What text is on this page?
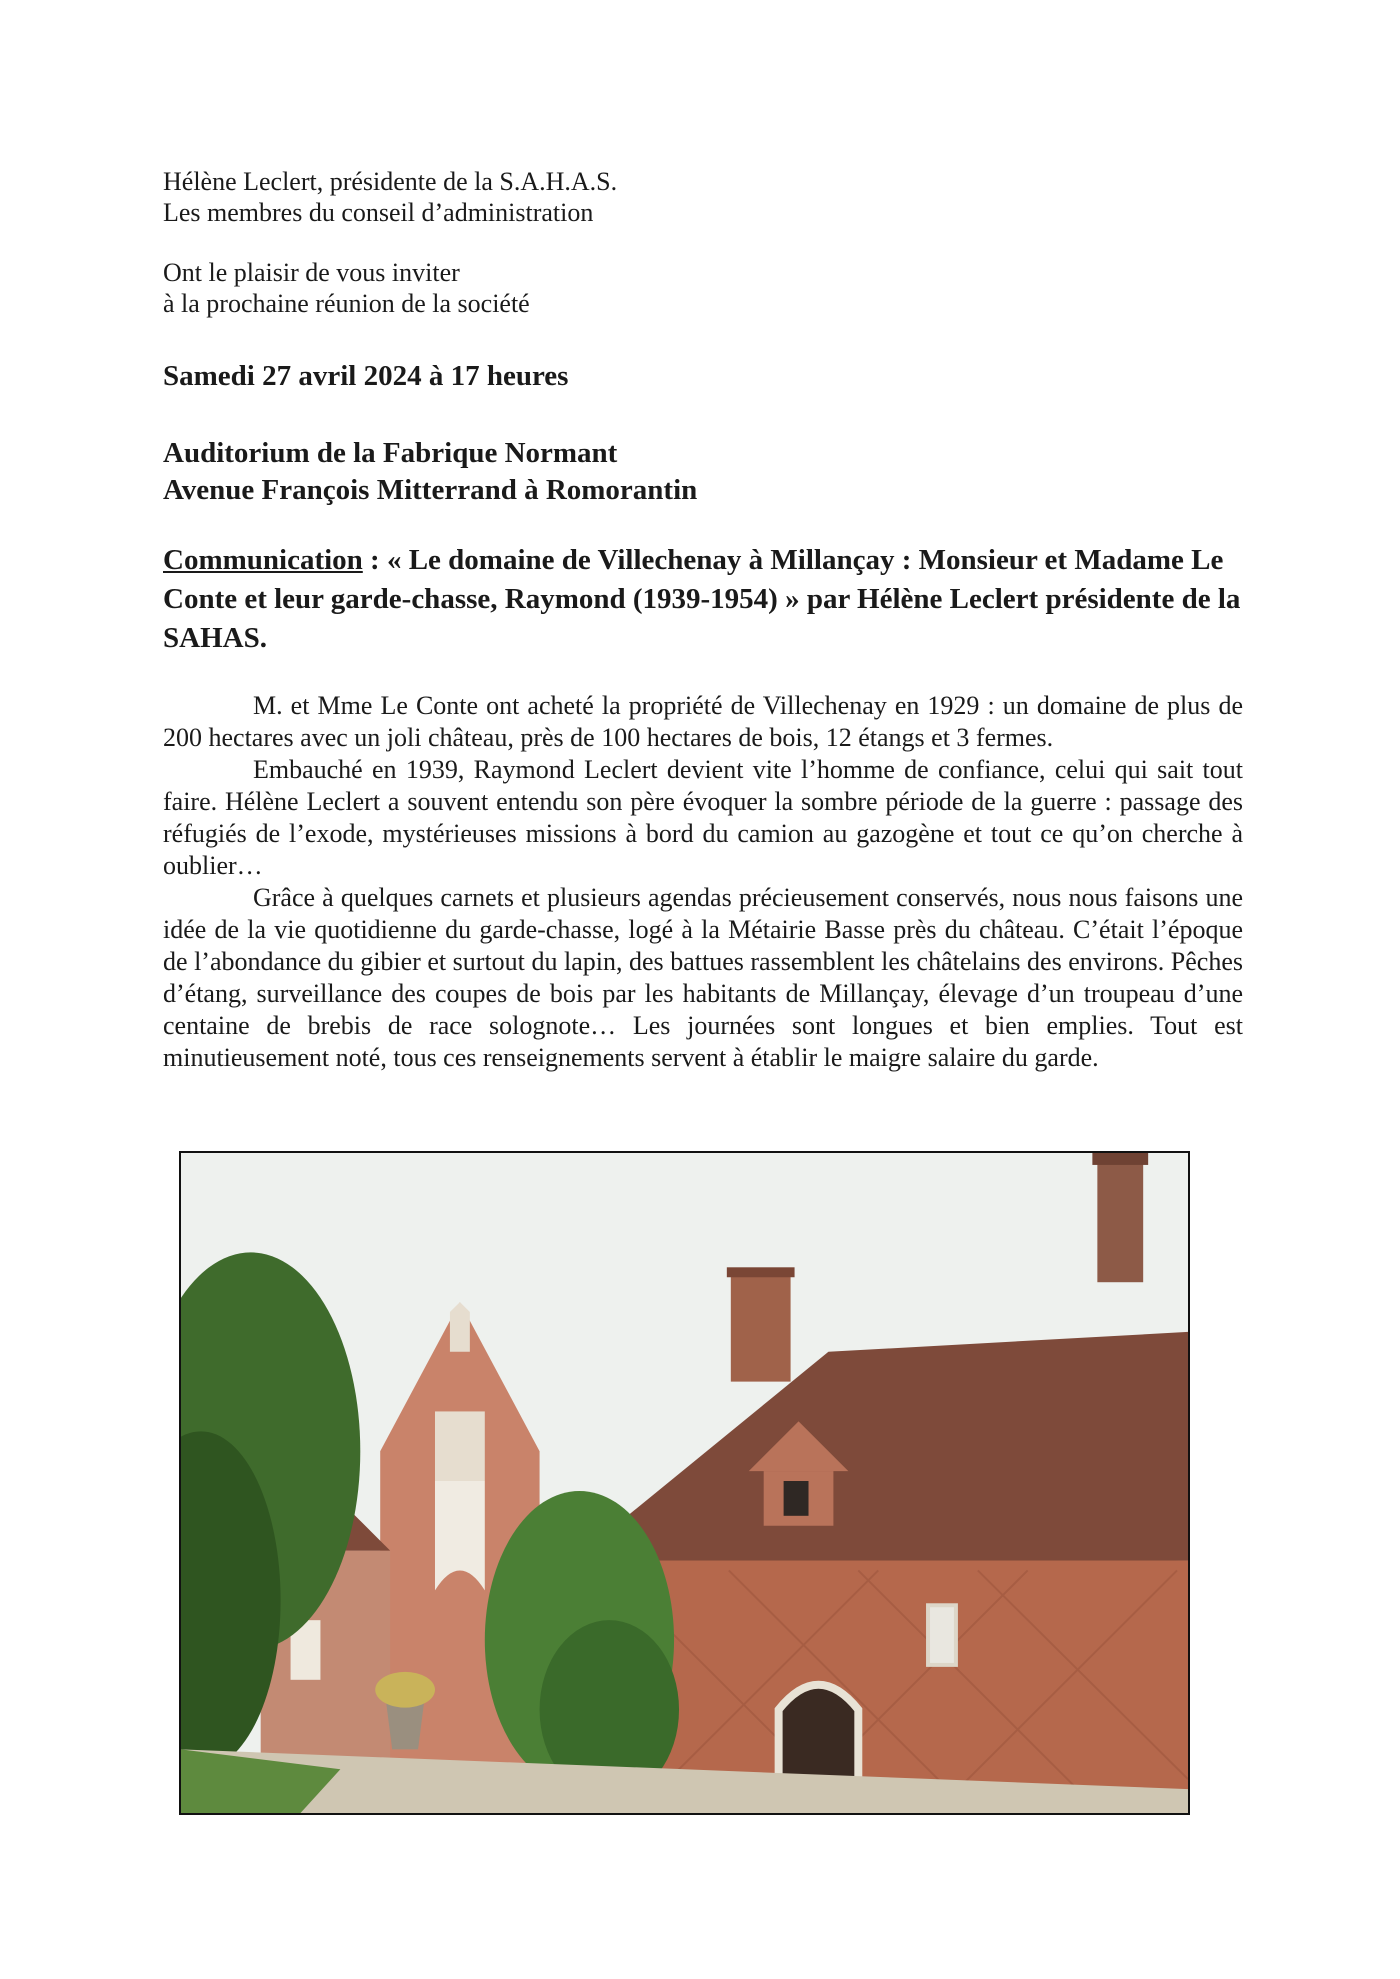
Hélène Leclert, présidente de la S.A.H.A.S.
Les membres du conseil d’administration
Ont le plaisir de vous inviter
à la prochaine réunion de la société
Samedi 27 avril 2024 à 17 heures
Auditorium de la Fabrique Normant
Avenue François Mitterrand à Romorantin
Communication : « Le domaine de Villechenay à Millançay : Monsieur et Madame Le Conte et leur garde-chasse, Raymond (1939-1954) » par Hélène Leclert présidente de la SAHAS.

M. et Mme Le Conte ont acheté la propriété de Villechenay en 1929 : un domaine de plus de 200 hectares avec un joli château, près de 100 hectares de bois, 12 étangs et 3 fermes.

Embauché en 1939, Raymond Leclert devient vite l’homme de confiance, celui qui sait tout faire. Hélène Leclert a souvent entendu son père évoquer la sombre période de la guerre : passage des réfugiés de l’exode, mystérieuses missions à bord du camion au gazogène et tout ce qu’on cherche à oublier…

Grâce à quelques carnets et plusieurs agendas précieusement conservés, nous nous faisons une idée de la vie quotidienne du garde-chasse, logé à la Métairie Basse près du château. C’était l’époque de l’abondance du gibier et surtout du lapin, des battues rassemblent les châtelains des environs. Pêches d’étang, surveillance des coupes de bois par les habitants de Millançay, élevage d’un troupeau d’une centaine de brebis de race solognote… Les journées sont longues et bien emplies. Tout est minutieusement noté, tous ces renseignements servent à établir le maigre salaire du garde.
